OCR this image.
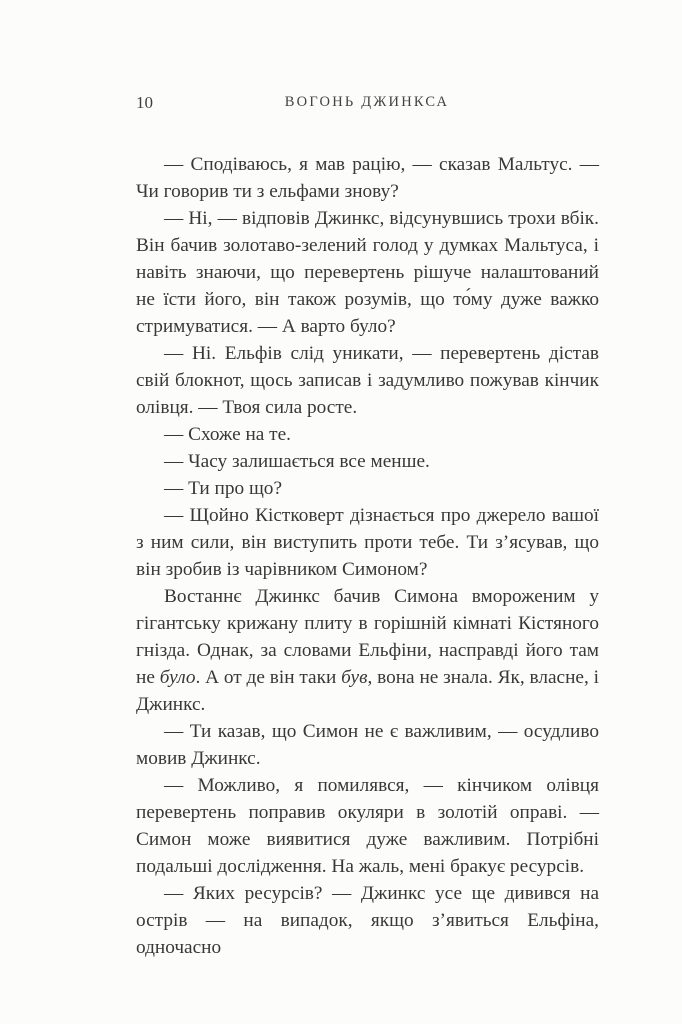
10	ВОГОНЬ ДЖИНКСА

— Сподіваюсь, я мав рацію, — сказав Мальтус. — Чи говорив ти з ельфами знову?

— Ні, — відповів Джинкс, відсунувшись трохи вбік. Він бачив золотаво-зелений голод у думках Мальтуса, і навіть знаючи, що перевертень рішуче налаштований не їсти його, він також розумів, що то́му дуже важко стримуватися. — А варто було?

— Ні. Ельфів слід уникати, — перевертень дістав свій блокнот, щось записав і задумливо пожував кінчик олівця. — Твоя сила росте.

— Схоже на те.

— Часу залишається все менше.

— Ти про що?

— Щойно Кістковерт дізнається про джерело вашої з ним сили, він виступить проти тебе. Ти з’ясував, що він зробив із чарівником Симоном?

Востаннє Джинкс бачив Симона вмороженим у гігантську крижану плиту в горішній кімнаті Кістяного гнізда. Однак, за словами Ельфіни, насправді його там не було. А от де він таки був, вона не знала. Як, власне, і Джинкс.

— Ти казав, що Симон не є важливим, — осудливо мовив Джинкс.

— Можливо, я помилявся, — кінчиком олівця перевертень поправив окуляри в золотій оправі. — Симон може виявитися дуже важливим. Потрібні подальші дослідження. На жаль, мені бракує ресурсів.

— Яких ресурсів? — Джинкс усе ще дивився на острів — на випадок, якщо з’явиться Ельфіна, одночасно
